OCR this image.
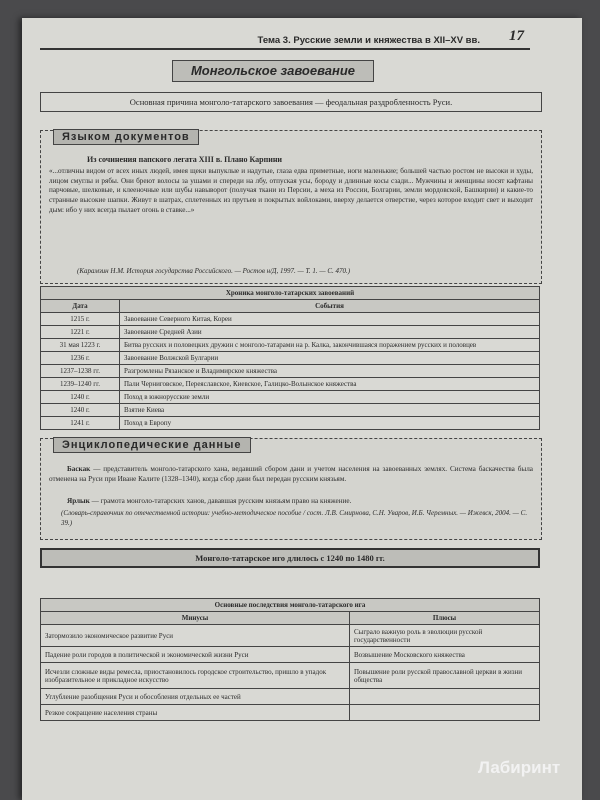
Тема 3. Русские земли и княжества в XII–XV вв. 17
Монгольское завоевание
Основная причина монголо-татарского завоевания — феодальная раздробленность Руси.
Языком документов
Из сочинения папского легата XIII в. Плано Карпини
«...отличны видом от всех иных людей, имея щеки выпуклые и надутые, глаза едва приметные, ноги маленькие; большей частью ростом не высоки и худы, лицом смуглы и рябы. Они бреют волосы за ушами и спереди на лбу, отпуская усы, бороду и длинные косы сзади... Мужчины и женщины носят кафтаны парчовые, шелковые, и клееночные или шубы навыворот (получая ткани из Персии, а меха из России, Болгарии, земли мордовской, Башкирии) и какие-то странные высокие шапки. Живут в шатрах, сплетенных из прутьев и покрытых войлоками, вверху делается отверстие, через которое входит свет и выходит дым: ибо у них всегда пылает огонь в ставке...»
(Карамзин Н.М. История государства Российского. — Ростов н/Д, 1997. — Т. 1. — С. 470.)
Хроника монголо-татарских завоеваний	
Дата	События
1215 г.	Завоевание Северного Китая, Кореи
1221 г.	Завоевание Средней Азии
31 мая 1223 г.	Битва русских и половецких дружин с монголо-татарами на р. Калка, закончившаяся поражением русских и половцев
1236 г.	Завоевание Волжской Булгарии
1237–1238 гг.	Разгромлены Рязанское и Владимирское княжества
1239–1240 гг.	Пали Черниговское, Переяславское, Киевское, Галицко-Волынское княжества
1240 г.	Поход в южнорусские земли
1240 г.	Взятие Киева
1241 г.	Поход в Европу
Энциклопедические данные
Баскак — представитель монголо-татарского хана, ведавший сбором дани и учетом населения на завоеванных землях. Система баскачества была отменена на Руси при Иване Калите (1328–1340), когда сбор дани был передан русским князьям.
Ярлык — грамота монголо-татарских ханов, дававшая русским князьям право на княжение.
(Словарь-справочник по отечественной истории: учебно-методическое пособие / сост. Л.В. Смирнова, С.Н. Уваров, И.Б. Черемных. — Ижевск, 2004. — С. 39.)
Монголо-татарское иго длилось с 1240 по 1480 гг.
Основные последствия монголо-татарского ига	
Минусы	Плюсы
Затормозило экономическое развитие Руси	Сыграло важную роль в эволюции русской государственности
Падение роли городов в политической и экономической жизни Руси	Возвышение Московского княжества
Исчезли сложные виды ремесла, приостановилось городское строительство, пришло в упадок изобразительное и прикладное искусство	Повышение роли русской православной церкви в жизни общества
Углубление разобщения Руси и обособления отдельных ее частей	
Резкое сокращение населения страны	
Лабиринт
